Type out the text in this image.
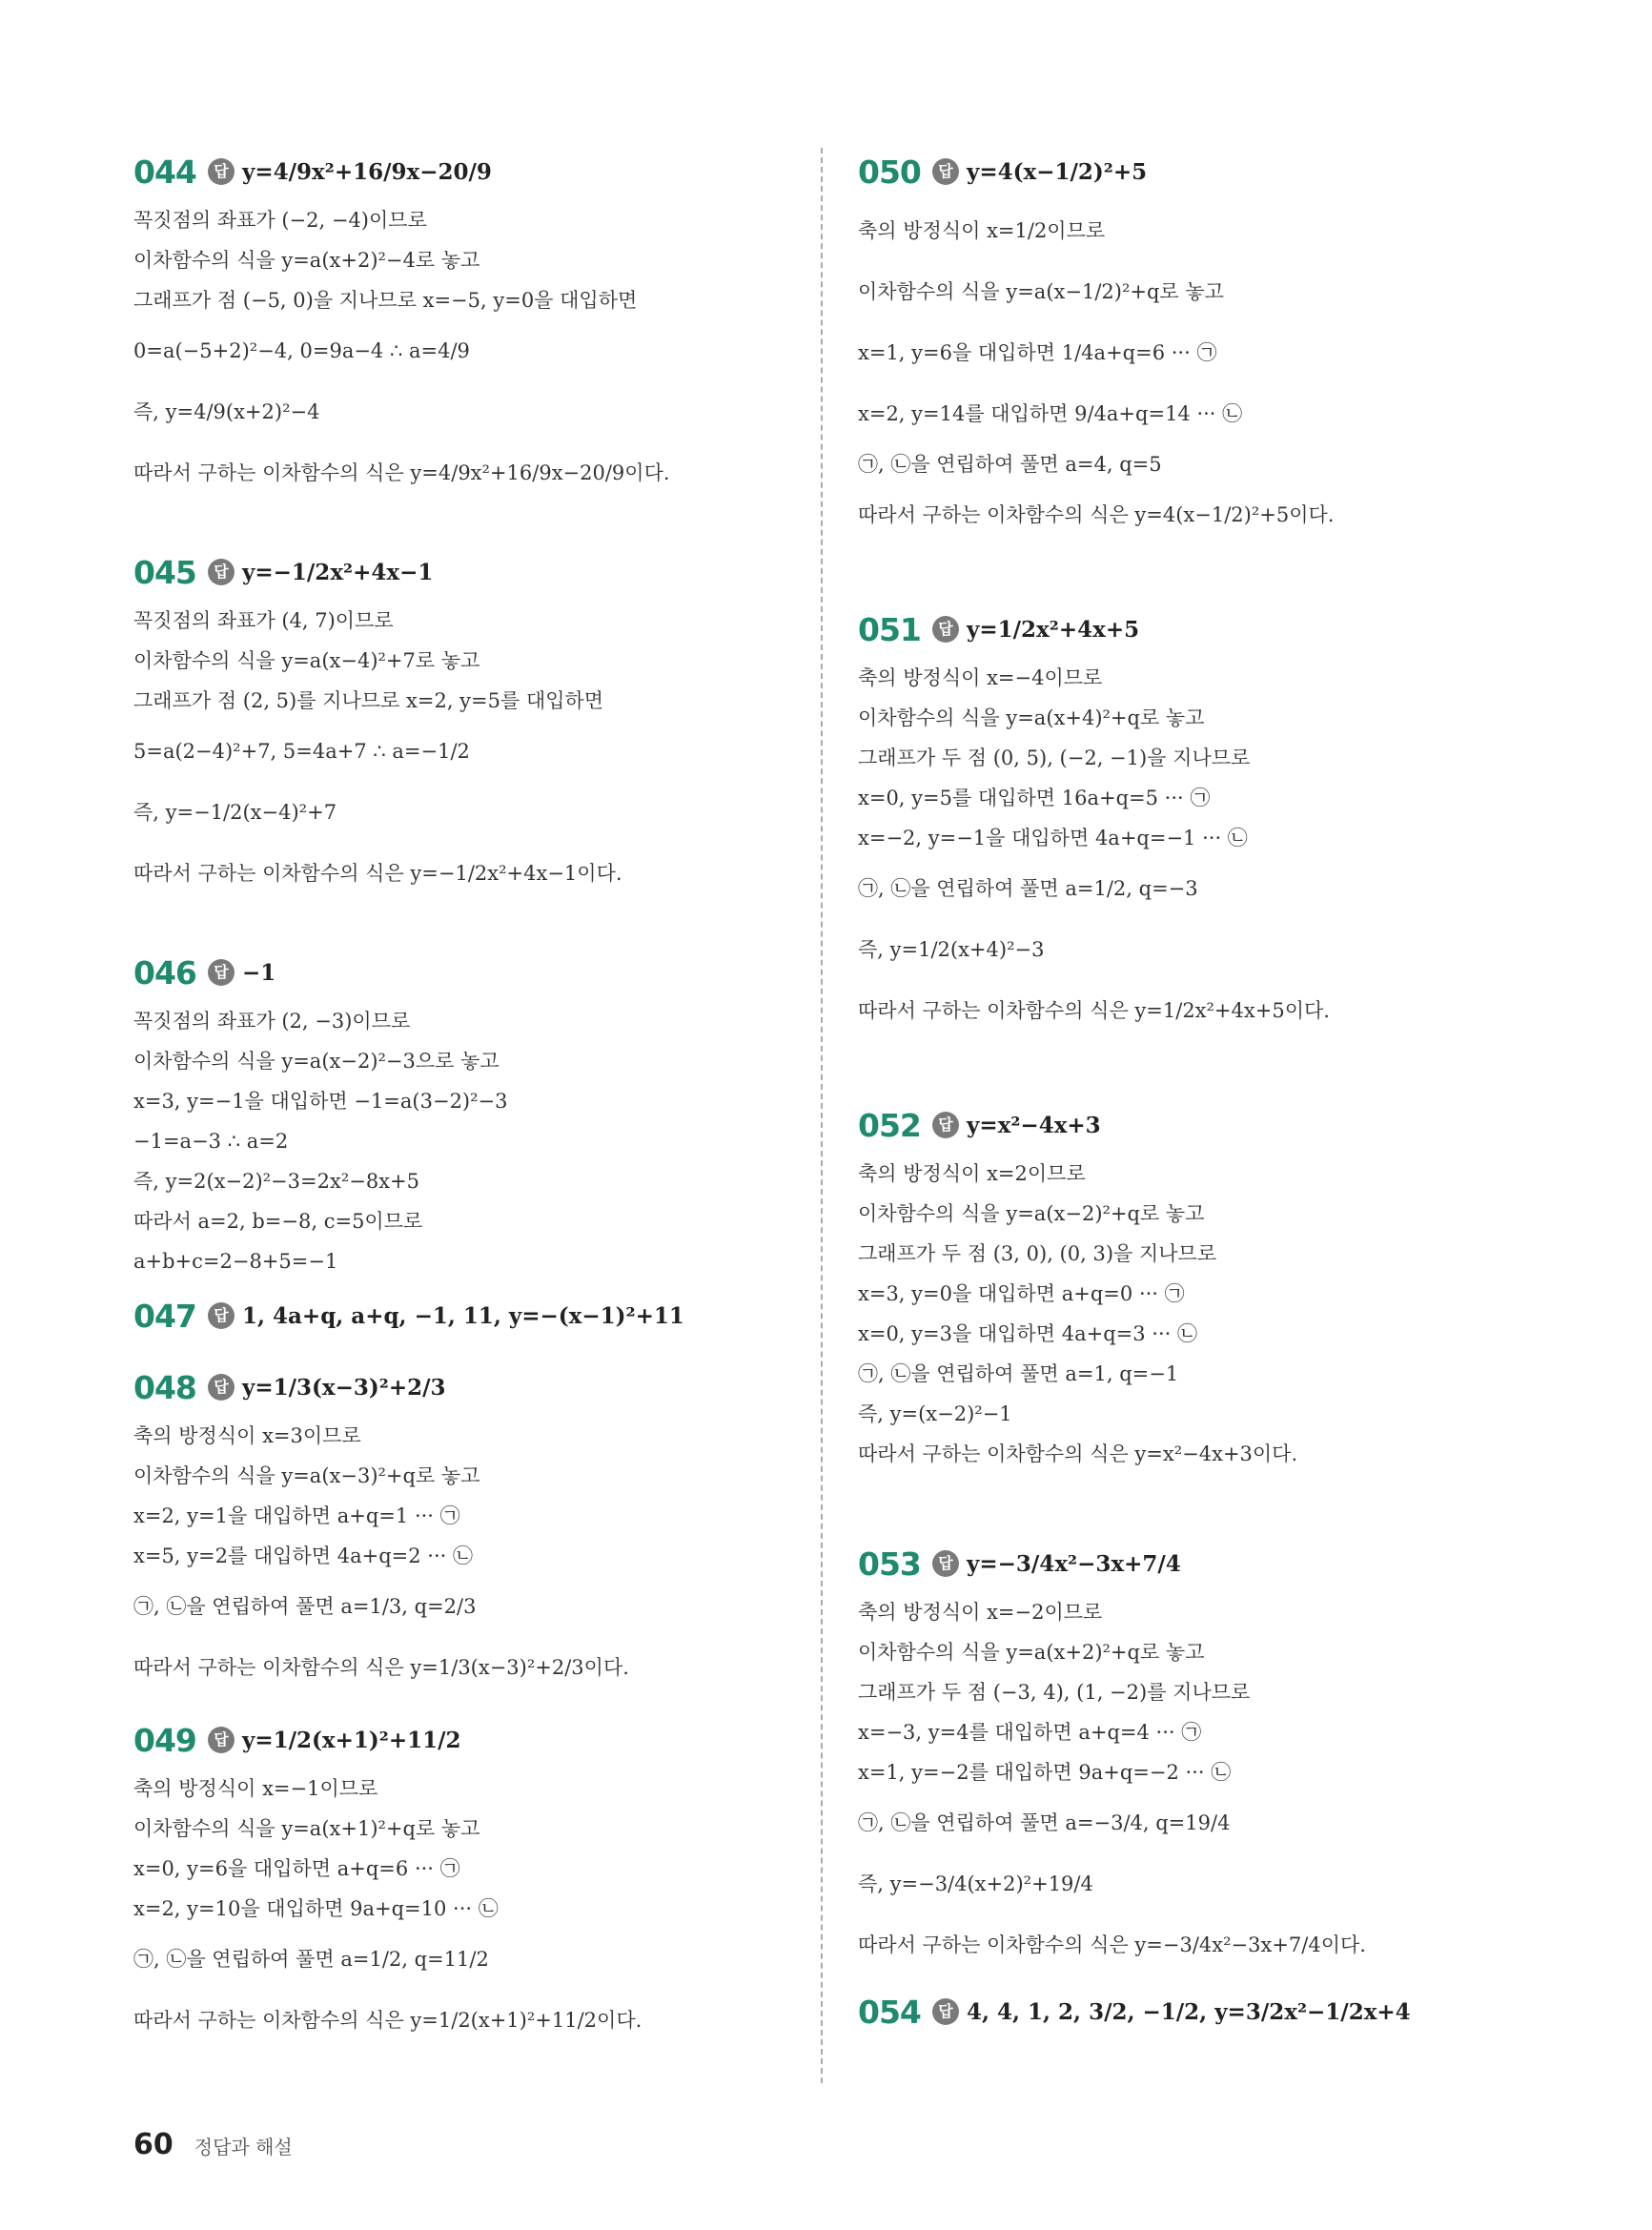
044	답 y=4/9x²+16/9x−20/9
꼭짓점의 좌표가 (−2, −4)이므로
이차함수의 식을 y=a(x+2)²−4로 놓고
그래프가 점 (−5, 0)을 지나므로 x=−5, y=0을 대입하면
0=a(−5+2)²−4, 0=9a−4 ∴ a=4/9
즉, y=4/9(x+2)²−4
따라서 구하는 이차함수의 식은 y=4/9x²+16/9x−20/9이다.
045	답 y=−1/2x²+4x−1
꼭짓점의 좌표가 (4, 7)이므로
이차함수의 식을 y=a(x−4)²+7로 놓고
그래프가 점 (2, 5)를 지나므로 x=2, y=5를 대입하면
5=a(2−4)²+7, 5=4a+7 ∴ a=−1/2
즉, y=−1/2(x−4)²+7
따라서 구하는 이차함수의 식은 y=−1/2x²+4x−1이다.
046	답 −1
꼭짓점의 좌표가 (2, −3)이므로
이차함수의 식을 y=a(x−2)²−3으로 놓고
x=3, y=−1을 대입하면 −1=a(3−2)²−3
−1=a−3 ∴ a=2
즉, y=2(x−2)²−3=2x²−8x+5
따라서 a=2, b=−8, c=5이므로
a+b+c=2−8+5=−1
047	답 1, 4a+q, a+q, −1, 11, y=−(x−1)²+11
048	답 y=1/3(x−3)²+2/3
축의 방정식이 x=3이므로
이차함수의 식을 y=a(x−3)²+q로 놓고
x=2, y=1을 대입하면 a+q=1 ··· ㉠
x=5, y=2를 대입하면 4a+q=2 ··· ㉡
㉠, ㉡을 연립하여 풀면 a=1/3, q=2/3
따라서 구하는 이차함수의 식은 y=1/3(x−3)²+2/3이다.
049	답 y=1/2(x+1)²+11/2
축의 방정식이 x=−1이므로
이차함수의 식을 y=a(x+1)²+q로 놓고
x=0, y=6을 대입하면 a+q=6 ··· ㉠
x=2, y=10을 대입하면 9a+q=10 ··· ㉡
㉠, ㉡을 연립하여 풀면 a=1/2, q=11/2
따라서 구하는 이차함수의 식은 y=1/2(x+1)²+11/2이다.
050	답 y=4(x−1/2)²+5
축의 방정식이 x=1/2이므로
이차함수의 식을 y=a(x−1/2)²+q로 놓고
x=1, y=6을 대입하면 1/4a+q=6 ··· ㉠
x=2, y=14를 대입하면 9/4a+q=14 ··· ㉡
㉠, ㉡을 연립하여 풀면 a=4, q=5
따라서 구하는 이차함수의 식은 y=4(x−1/2)²+5이다.
051	답 y=1/2x²+4x+5
축의 방정식이 x=−4이므로
이차함수의 식을 y=a(x+4)²+q로 놓고
그래프가 두 점 (0, 5), (−2, −1)을 지나므로
x=0, y=5를 대입하면 16a+q=5 ··· ㉠
x=−2, y=−1을 대입하면 4a+q=−1 ··· ㉡
㉠, ㉡을 연립하여 풀면 a=1/2, q=−3
즉, y=1/2(x+4)²−3
따라서 구하는 이차함수의 식은 y=1/2x²+4x+5이다.
052	답 y=x²−4x+3
축의 방정식이 x=2이므로
이차함수의 식을 y=a(x−2)²+q로 놓고
그래프가 두 점 (3, 0), (0, 3)을 지나므로
x=3, y=0을 대입하면 a+q=0 ··· ㉠
x=0, y=3을 대입하면 4a+q=3 ··· ㉡
㉠, ㉡을 연립하여 풀면 a=1, q=−1
즉, y=(x−2)²−1
따라서 구하는 이차함수의 식은 y=x²−4x+3이다.
053	답 y=−3/4x²−3x+7/4
축의 방정식이 x=−2이므로
이차함수의 식을 y=a(x+2)²+q로 놓고
그래프가 두 점 (−3, 4), (1, −2)를 지나므로
x=−3, y=4를 대입하면 a+q=4 ··· ㉠
x=1, y=−2를 대입하면 9a+q=−2 ··· ㉡
㉠, ㉡을 연립하여 풀면 a=−3/4, q=19/4
즉, y=−3/4(x+2)²+19/4
따라서 구하는 이차함수의 식은 y=−3/4x²−3x+7/4이다.
054	답 4, 4, 1, 2, 3/2, −1/2, y=3/2x²−1/2x+4
60 정답과 해설
